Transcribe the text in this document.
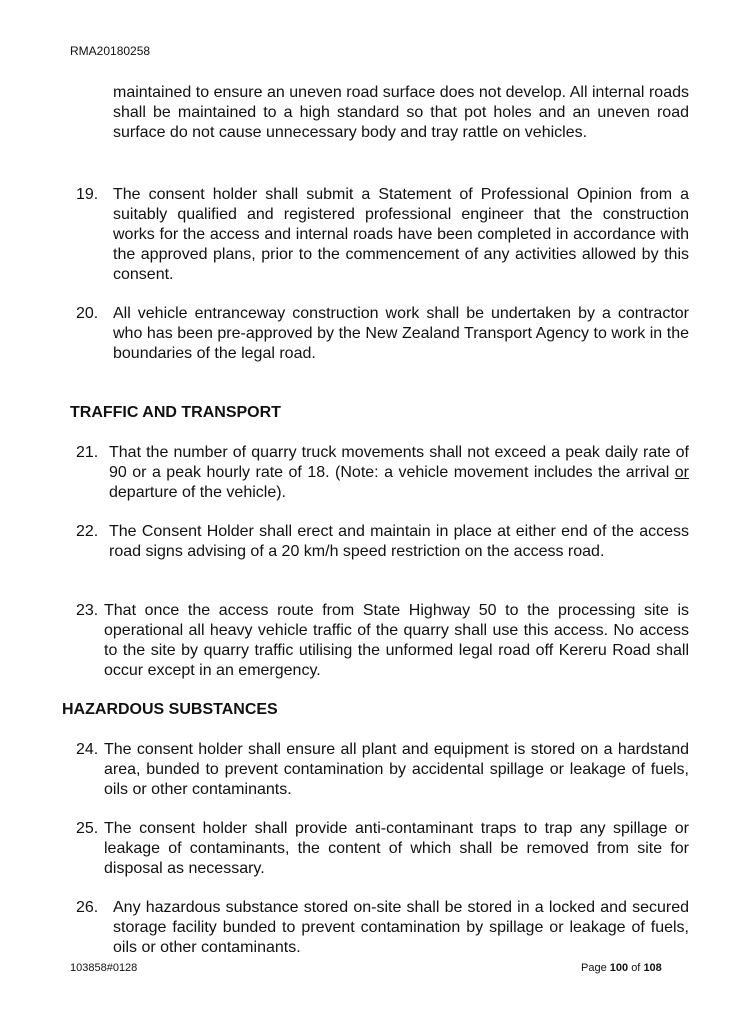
RMA20180258
maintained to ensure an uneven road surface does not develop. All internal roads shall be maintained to a high standard so that pot holes and an uneven road surface do not cause unnecessary body and tray rattle on vehicles.
19. The consent holder shall submit a Statement of Professional Opinion from a suitably qualified and registered professional engineer that the construction works for the access and internal roads have been completed in accordance with the approved plans, prior to the commencement of any activities allowed by this consent.
20. All vehicle entranceway construction work shall be undertaken by a contractor who has been pre-approved by the New Zealand Transport Agency to work in the boundaries of the legal road.
TRAFFIC AND TRANSPORT
21. That the number of quarry truck movements shall not exceed a peak daily rate of 90 or a peak hourly rate of 18. (Note: a vehicle movement includes the arrival or departure of the vehicle).
22. The Consent Holder shall erect and maintain in place at either end of the access road signs advising of a 20 km/h speed restriction on the access road.
23. That once the access route from State Highway 50 to the processing site is operational all heavy vehicle traffic of the quarry shall use this access. No access to the site by quarry traffic utilising the unformed legal road off Kereru Road shall occur except in an emergency.
HAZARDOUS SUBSTANCES
24. The consent holder shall ensure all plant and equipment is stored on a hardstand area, bunded to prevent contamination by accidental spillage or leakage of fuels, oils or other contaminants.
25. The consent holder shall provide anti-contaminant traps to trap any spillage or leakage of contaminants, the content of which shall be removed from site for disposal as necessary.
26. Any hazardous substance stored on-site shall be stored in a locked and secured storage facility bunded to prevent contamination by spillage or leakage of fuels, oils or other contaminants.
103858#0128	Page 100 of 108
